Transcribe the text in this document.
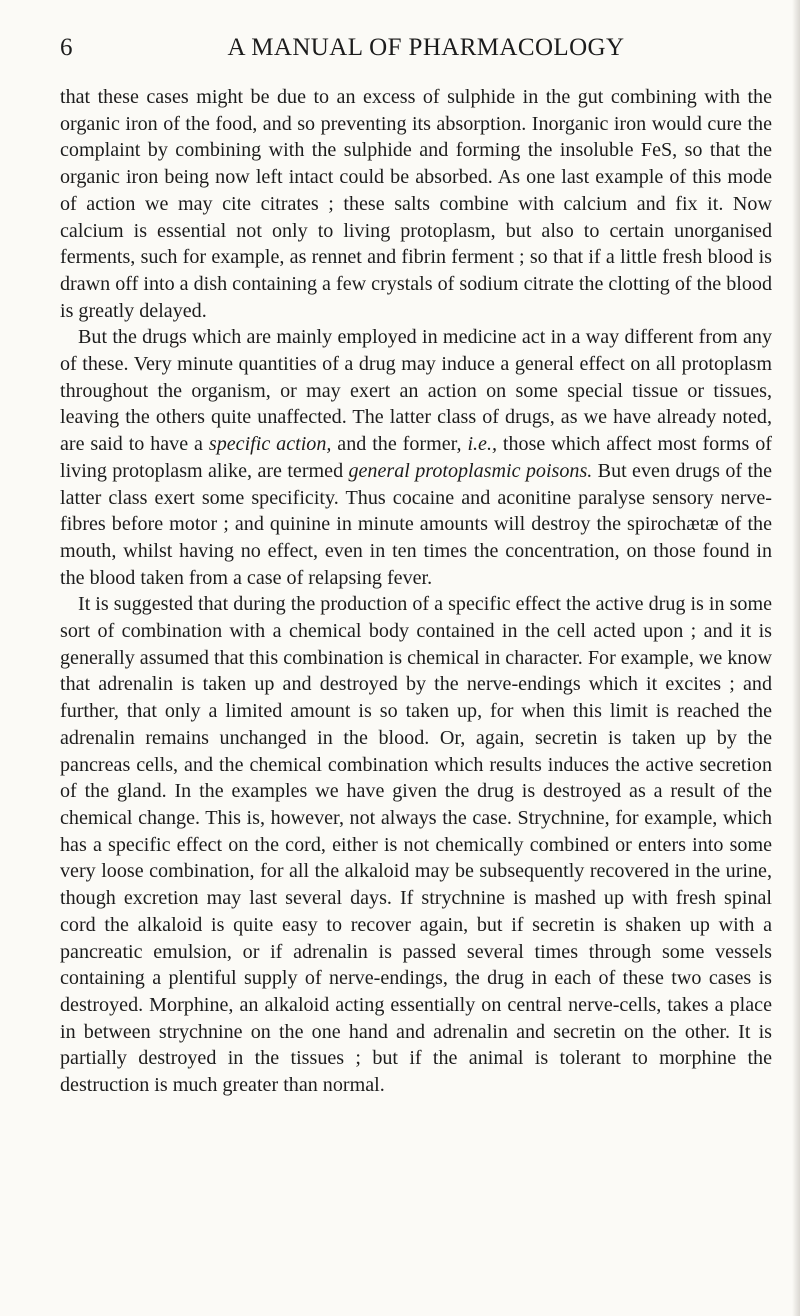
6	A MANUAL OF PHARMACOLOGY

that these cases might be due to an excess of sulphide in the gut combining with the organic iron of the food, and so preventing its absorption. Inorganic iron would cure the complaint by combining with the sulphide and forming the insoluble FeS, so that the organic iron being now left intact could be absorbed. As one last example of this mode of action we may cite citrates ; these salts combine with calcium and fix it. Now calcium is essential not only to living protoplasm, but also to certain unorganised ferments, such for example, as rennet and fibrin ferment ; so that if a little fresh blood is drawn off into a dish containing a few crystals of sodium citrate the clotting of the blood is greatly delayed.

But the drugs which are mainly employed in medicine act in a way different from any of these. Very minute quantities of a drug may induce a general effect on all protoplasm throughout the organism, or may exert an action on some special tissue or tissues, leaving the others quite unaffected. The latter class of drugs, as we have already noted, are said to have a specific action, and the former, i.e., those which affect most forms of living protoplasm alike, are termed general protoplasmic poisons. But even drugs of the latter class exert some specificity. Thus cocaine and aconitine paralyse sensory nerve-fibres before motor ; and quinine in minute amounts will destroy the spirochætæ of the mouth, whilst having no effect, even in ten times the concentration, on those found in the blood taken from a case of relapsing fever.

It is suggested that during the production of a specific effect the active drug is in some sort of combination with a chemical body contained in the cell acted upon ; and it is generally assumed that this combination is chemical in character. For example, we know that adrenalin is taken up and destroyed by the nerve-endings which it excites ; and further, that only a limited amount is so taken up, for when this limit is reached the adrenalin remains unchanged in the blood. Or, again, secretin is taken up by the pancreas cells, and the chemical combination which results induces the active secretion of the gland. In the examples we have given the drug is destroyed as a result of the chemical change. This is, however, not always the case. Strychnine, for example, which has a specific effect on the cord, either is not chemically combined or enters into some very loose combination, for all the alkaloid may be subsequently recovered in the urine, though excretion may last several days. If strychnine is mashed up with fresh spinal cord the alkaloid is quite easy to recover again, but if secretin is shaken up with a pancreatic emulsion, or if adrenalin is passed several times through some vessels containing a plentiful supply of nerve-endings, the drug in each of these two cases is destroyed. Morphine, an alkaloid acting essentially on central nerve-cells, takes a place in between strychnine on the one hand and adrenalin and secretin on the other. It is partially destroyed in the tissues ; but if the animal is tolerant to morphine the destruction is much greater than normal.
